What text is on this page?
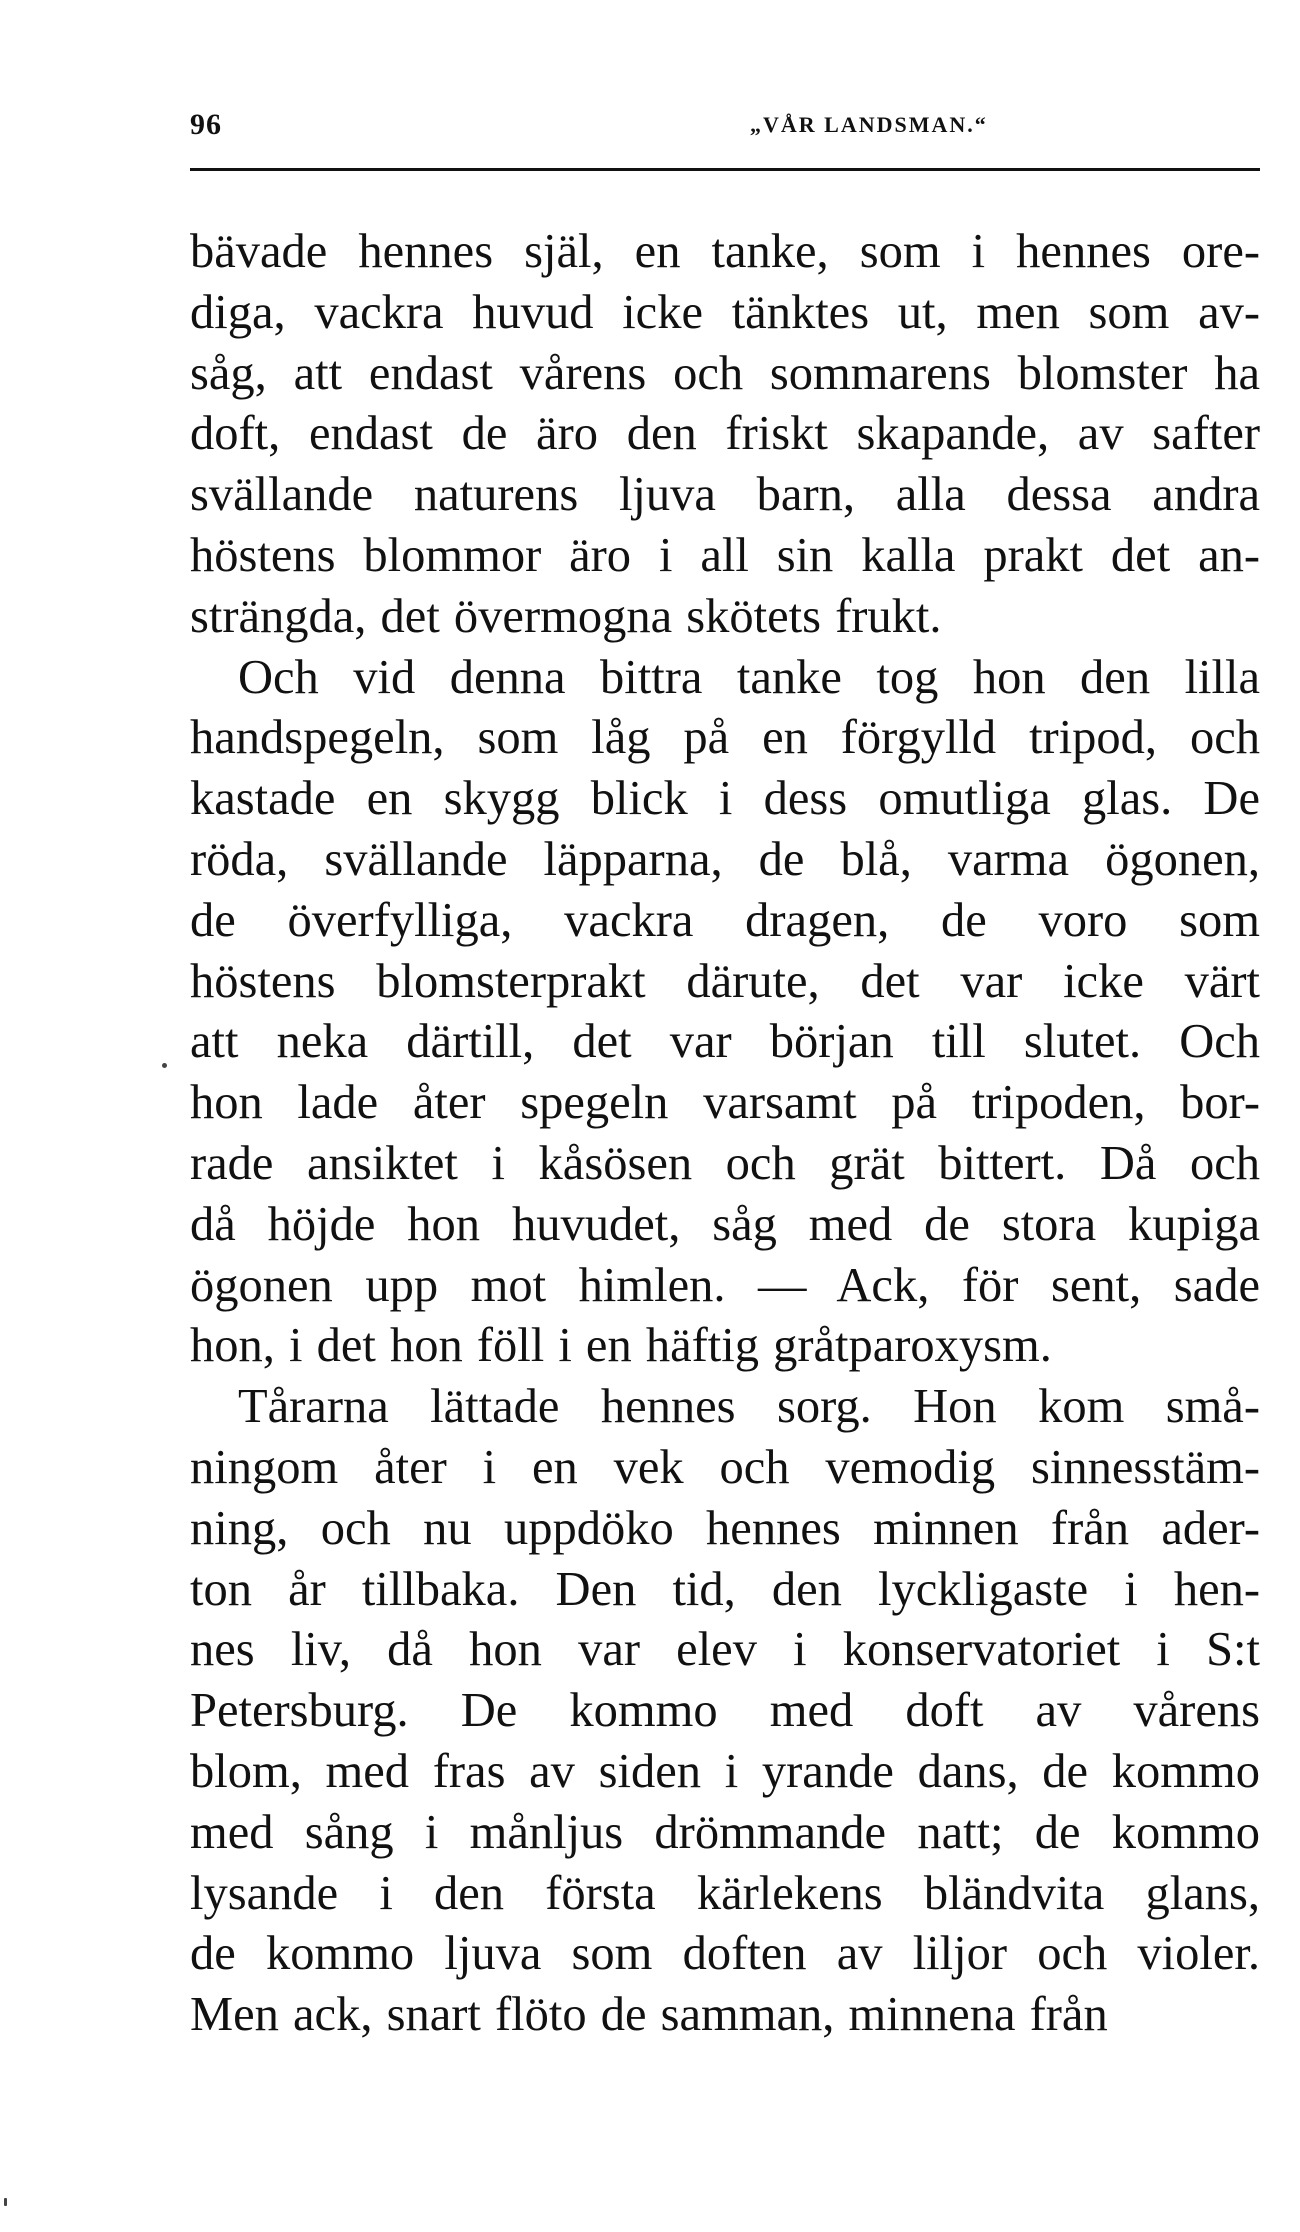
96	„VÅR LANDSMAN.“
bävade hennes själ, en tanke, som i hennes ore-
diga, vackra huvud icke tänktes ut, men som av-
såg, att endast vårens och sommarens blomster ha
doft, endast de äro den friskt skapande, av safter
svällande naturens ljuva barn, alla dessa andra
höstens blommor äro i all sin kalla prakt det an-
strängda, det övermogna skötets frukt.
Och vid denna bittra tanke tog hon den lilla
handspegeln, som låg på en förgylld tripod, och
kastade en skygg blick i dess omutliga glas. De
röda, svällande läpparna, de blå, varma ögonen,
de överfylliga, vackra dragen, de voro som
höstens blomsterprakt därute, det var icke värt
att neka därtill, det var början till slutet. Och
hon lade åter spegeln varsamt på tripoden, bor-
rade ansiktet i kåsösen och grät bittert. Då och
då höjde hon huvudet, såg med de stora kupiga
ögonen upp mot himlen. — Ack, för sent, sade
hon, i det hon föll i en häftig gråtparoxysm.
Tårarna lättade hennes sorg. Hon kom små-
ningom åter i en vek och vemodig sinnesstäm-
ning, och nu uppdöko hennes minnen från ader-
ton år tillbaka. Den tid, den lyckligaste i hen-
nes liv, då hon var elev i konservatoriet i S:t
Petersburg. De kommo med doft av vårens
blom, med fras av siden i yrande dans, de kommo
med sång i månljus drömmande natt; de kommo
lysande i den första kärlekens bländvita glans,
de kommo ljuva som doften av liljor och violer.
Men ack, snart flöto de samman, minnena från
